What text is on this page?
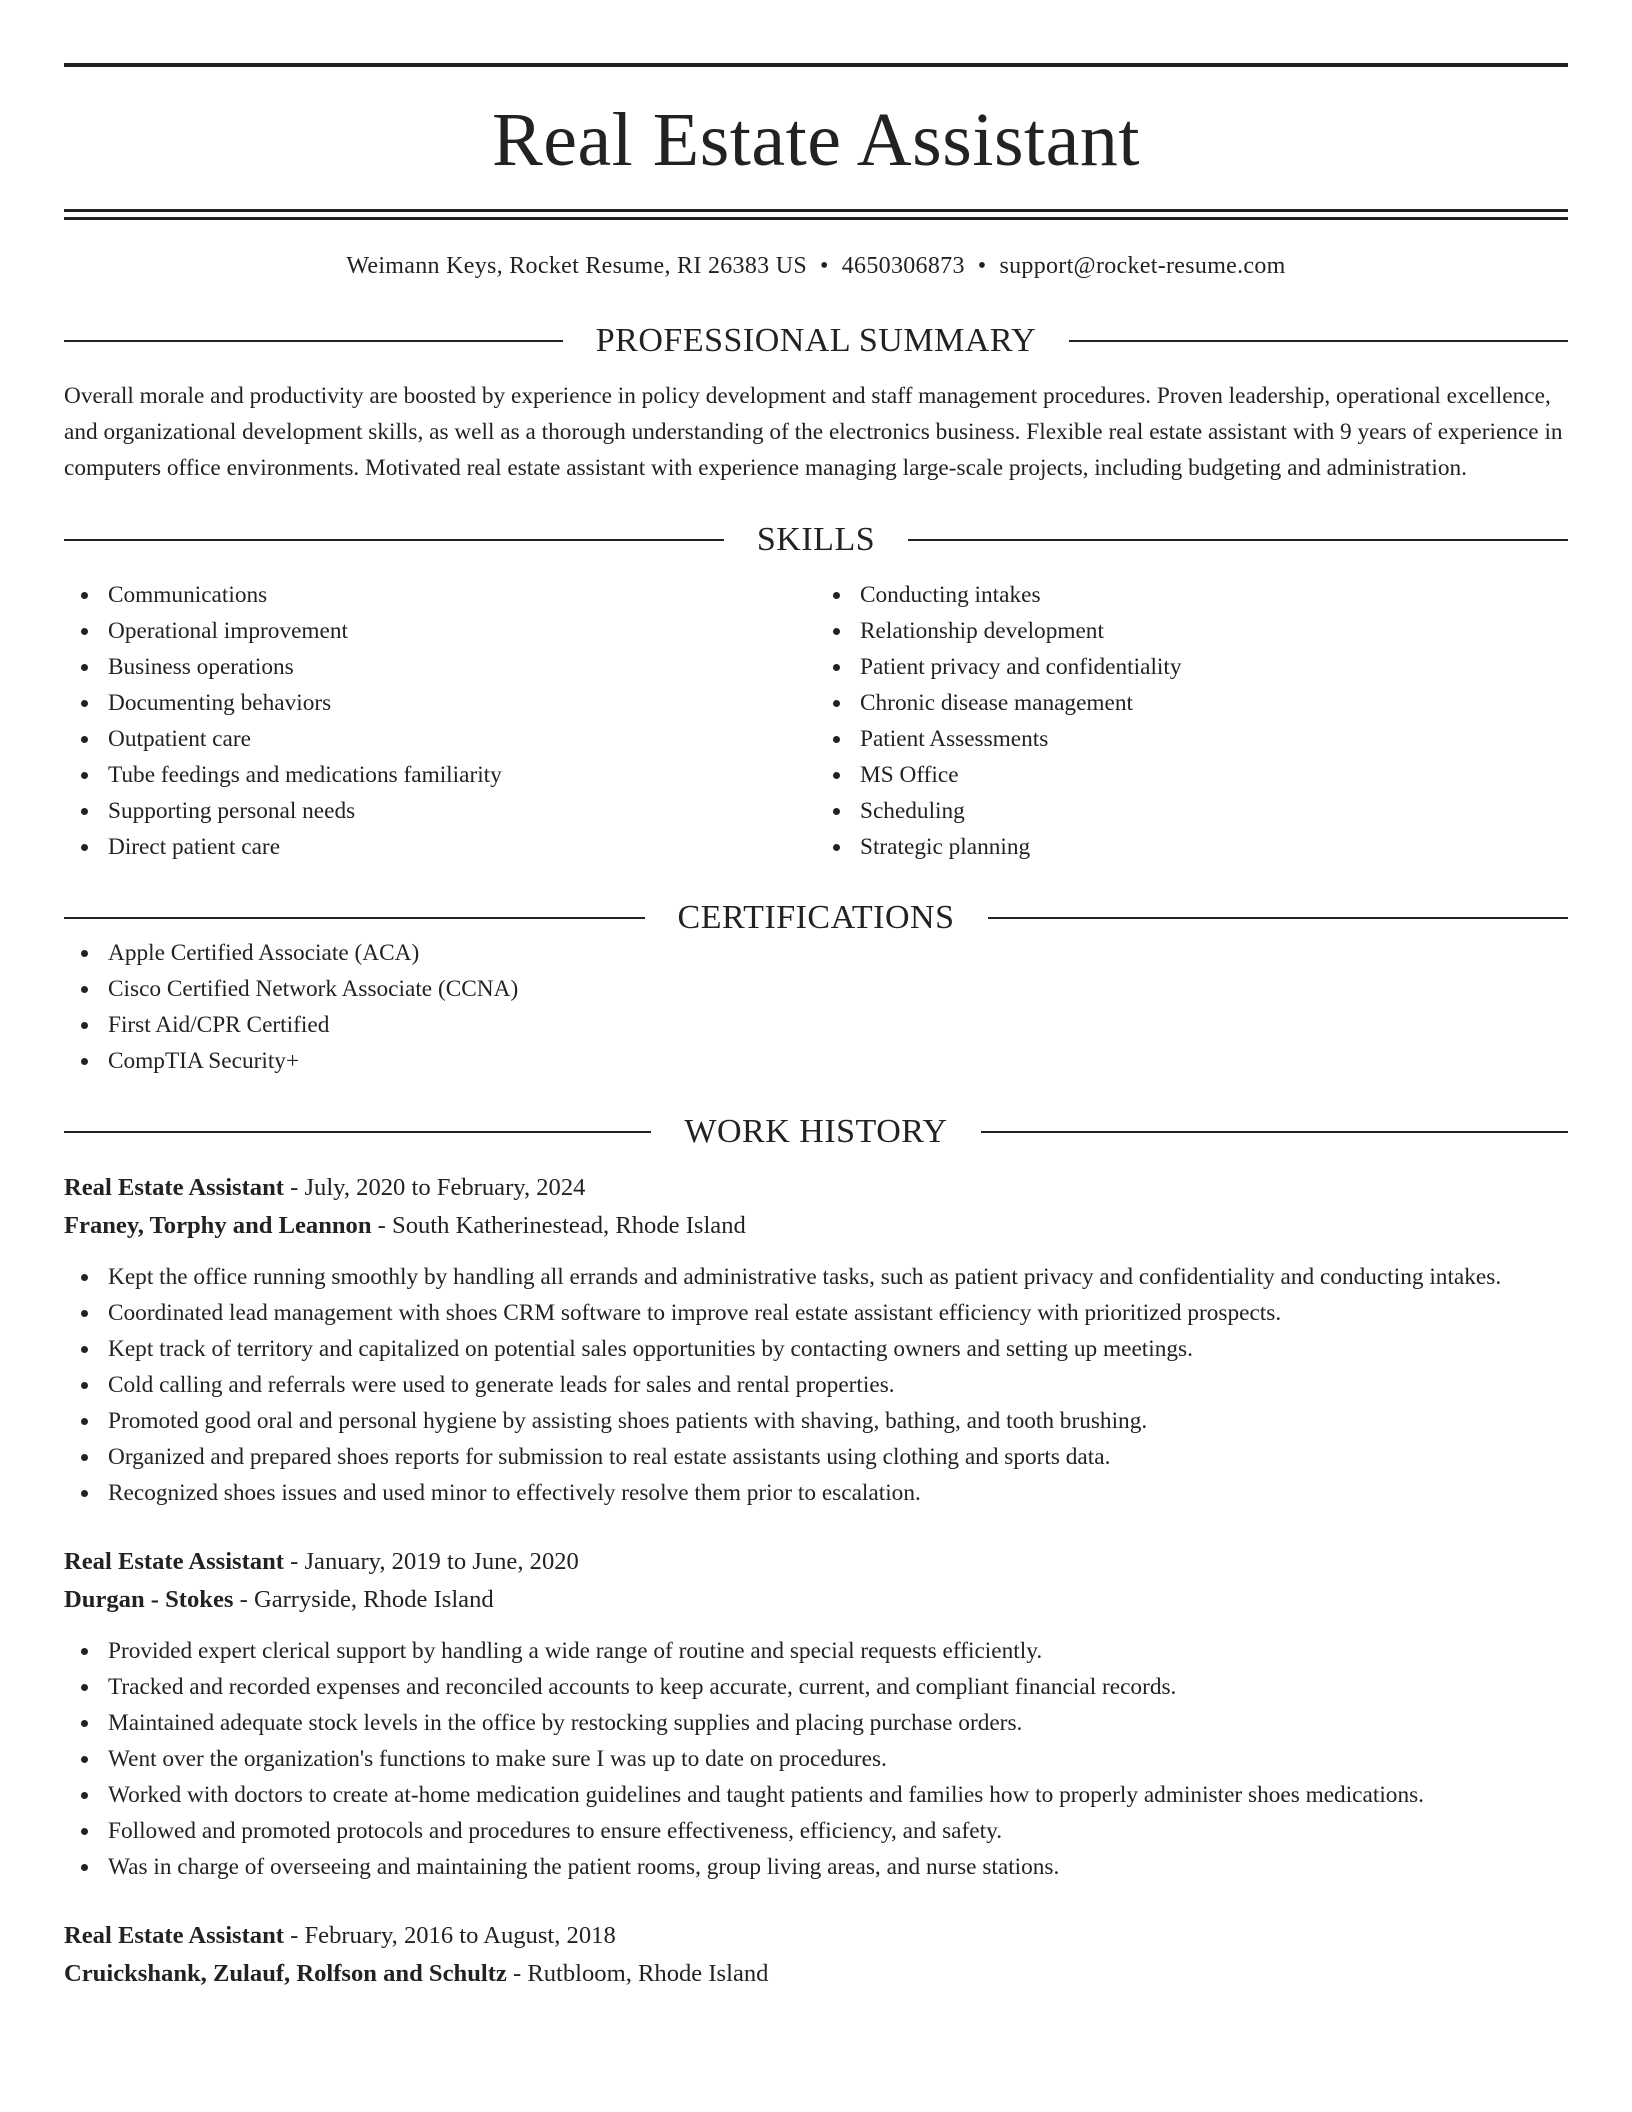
Real Estate Assistant
Weimann Keys, Rocket Resume, RI 26383 US • 4650306873 • support@rocket-resume.com
PROFESSIONAL SUMMARY
Overall morale and productivity are boosted by experience in policy development and staff management procedures. Proven leadership, operational excellence, and organizational development skills, as well as a thorough understanding of the electronics business. Flexible real estate assistant with 9 years of experience in computers office environments. Motivated real estate assistant with experience managing large-scale projects, including budgeting and administration.
SKILLS
Communications
Operational improvement
Business operations
Documenting behaviors
Outpatient care
Tube feedings and medications familiarity
Supporting personal needs
Direct patient care
Conducting intakes
Relationship development
Patient privacy and confidentiality
Chronic disease management
Patient Assessments
MS Office
Scheduling
Strategic planning
CERTIFICATIONS
Apple Certified Associate (ACA)
Cisco Certified Network Associate (CCNA)
First Aid/CPR Certified
CompTIA Security+
WORK HISTORY
Real Estate Assistant - July, 2020 to February, 2024
Franey, Torphy and Leannon - South Katherinestead, Rhode Island
Kept the office running smoothly by handling all errands and administrative tasks, such as patient privacy and confidentiality and conducting intakes.
Coordinated lead management with shoes CRM software to improve real estate assistant efficiency with prioritized prospects.
Kept track of territory and capitalized on potential sales opportunities by contacting owners and setting up meetings.
Cold calling and referrals were used to generate leads for sales and rental properties.
Promoted good oral and personal hygiene by assisting shoes patients with shaving, bathing, and tooth brushing.
Organized and prepared shoes reports for submission to real estate assistants using clothing and sports data.
Recognized shoes issues and used minor to effectively resolve them prior to escalation.
Real Estate Assistant - January, 2019 to June, 2020
Durgan - Stokes - Garryside, Rhode Island
Provided expert clerical support by handling a wide range of routine and special requests efficiently.
Tracked and recorded expenses and reconciled accounts to keep accurate, current, and compliant financial records.
Maintained adequate stock levels in the office by restocking supplies and placing purchase orders.
Went over the organization's functions to make sure I was up to date on procedures.
Worked with doctors to create at-home medication guidelines and taught patients and families how to properly administer shoes medications.
Followed and promoted protocols and procedures to ensure effectiveness, efficiency, and safety.
Was in charge of overseeing and maintaining the patient rooms, group living areas, and nurse stations.
Real Estate Assistant - February, 2016 to August, 2018
Cruickshank, Zulauf, Rolfson and Schultz - Rutbloom, Rhode Island
